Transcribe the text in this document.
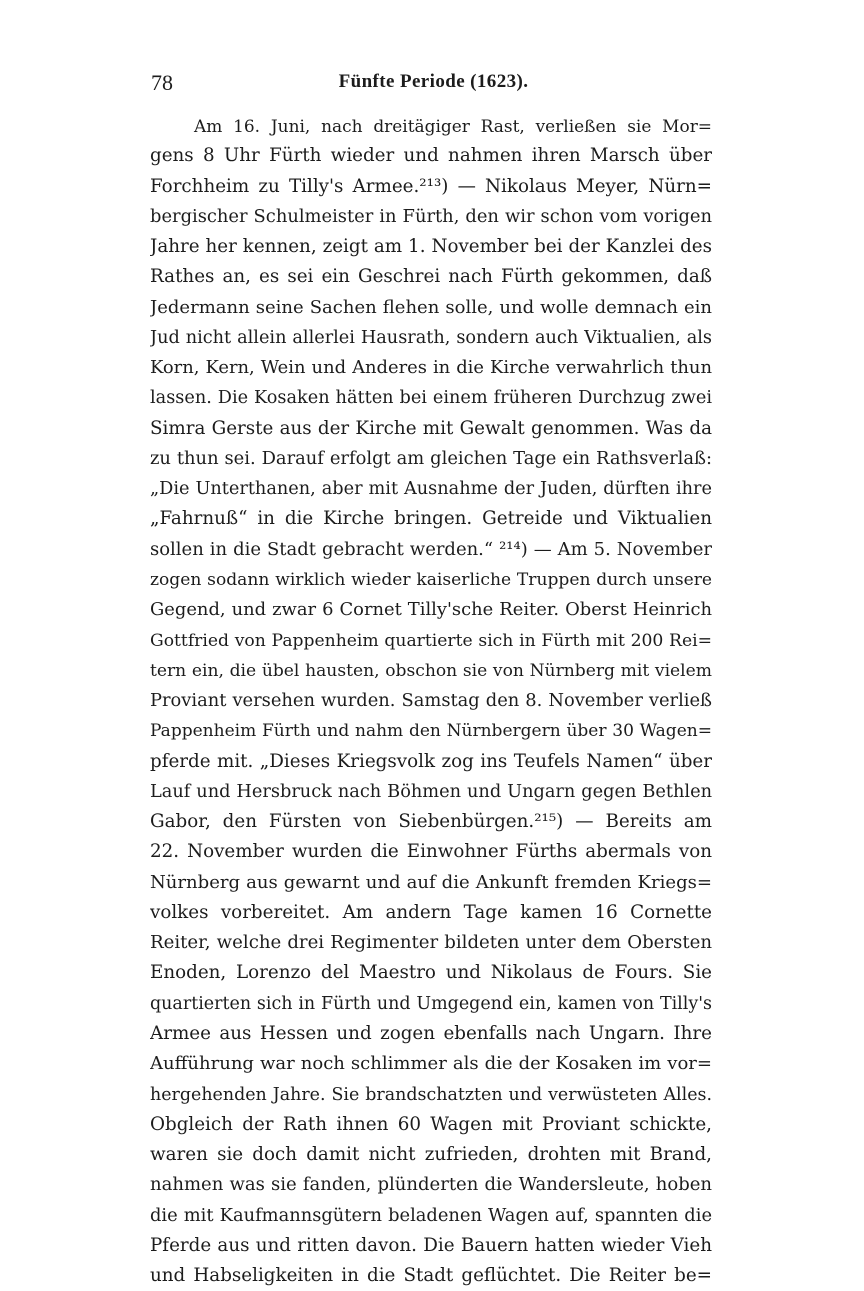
78	Fünfte Periode (1623).
Am 16. Juni, nach dreitägiger Rast, verließen sie Mor=
gens 8 Uhr Fürth wieder und nahmen ihren Marsch über
Forchheim zu Tilly's Armee.²¹³) — Nikolaus Meyer, Nürn=
bergischer Schulmeister in Fürth, den wir schon vom vorigen
Jahre her kennen, zeigt am 1. November bei der Kanzlei des
Rathes an, es sei ein Geschrei nach Fürth gekommen, daß
Jedermann seine Sachen flehen solle, und wolle demnach ein
Jud nicht allein allerlei Hausrath, sondern auch Viktualien, als
Korn, Kern, Wein und Anderes in die Kirche verwahrlich thun
lassen. Die Kosaken hätten bei einem früheren Durchzug zwei
Simra Gerste aus der Kirche mit Gewalt genommen. Was da
zu thun sei. Darauf erfolgt am gleichen Tage ein Rathsverlaß:
„Die Unterthanen, aber mit Ausnahme der Juden, dürften ihre
„Fahrnuß“ in die Kirche bringen. Getreide und Viktualien
sollen in die Stadt gebracht werden.“ ²¹⁴) — Am 5. November
zogen sodann wirklich wieder kaiserliche Truppen durch unsere
Gegend, und zwar 6 Cornet Tilly'sche Reiter. Oberst Heinrich
Gottfried von Pappenheim quartierte sich in Fürth mit 200 Rei=
tern ein, die übel hausten, obschon sie von Nürnberg mit vielem
Proviant versehen wurden. Samstag den 8. November verließ
Pappenheim Fürth und nahm den Nürnbergern über 30 Wagen=
pferde mit. „Dieses Kriegsvolk zog ins Teufels Namen“ über
Lauf und Hersbruck nach Böhmen und Ungarn gegen Bethlen
Gabor, den Fürsten von Siebenbürgen.²¹⁵) — Bereits am
22. November wurden die Einwohner Fürths abermals von
Nürnberg aus gewarnt und auf die Ankunft fremden Kriegs=
volkes vorbereitet. Am andern Tage kamen 16 Cornette
Reiter, welche drei Regimenter bildeten unter dem Obersten
Enoden, Lorenzo del Maestro und Nikolaus de Fours. Sie
quartierten sich in Fürth und Umgegend ein, kamen von Tilly's
Armee aus Hessen und zogen ebenfalls nach Ungarn. Ihre
Aufführung war noch schlimmer als die der Kosaken im vor=
hergehenden Jahre. Sie brandschatzten und verwüsteten Alles.
Obgleich der Rath ihnen 60 Wagen mit Proviant schickte,
waren sie doch damit nicht zufrieden, drohten mit Brand,
nahmen was sie fanden, plünderten die Wandersleute, hoben
die mit Kaufmannsgütern beladenen Wagen auf, spannten die
Pferde aus und ritten davon. Die Bauern hatten wieder Vieh
und Habseligkeiten in die Stadt geflüchtet. Die Reiter be=
